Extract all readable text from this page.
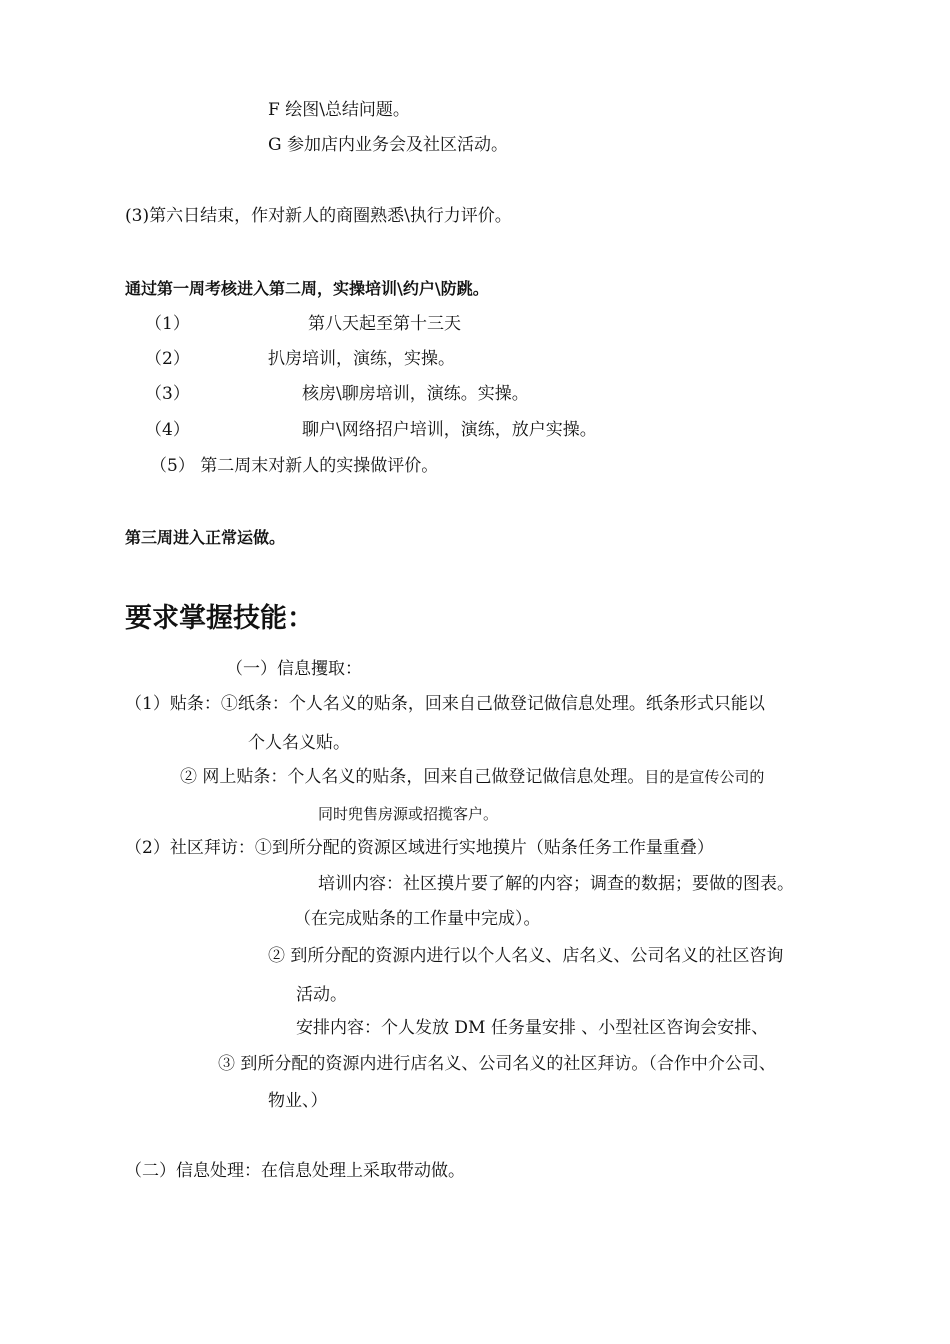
F 绘图\总结问题。
G 参加店内业务会及社区活动。
(3)第六日结束，作对新人的商圈熟悉\执行力评价。
通过第一周考核进入第二周，实操培训\约户\防跳。
（1）	第八天起至第十三天
（2）	扒房培训，演练，实操。
（3）	核房\聊房培训，演练。实操。
（4）	聊户\网络招户培训，演练，放户实操。
（5） 第二周末对新人的实操做评价。
第三周进入正常运做。
要求掌握技能：
（一）信息攫取：
（1）贴条：①纸条：个人名义的贴条，回来自己做登记做信息处理。纸条形式只能以
个人名义贴。
② 网上贴条：个人名义的贴条，回来自己做登记做信息处理。目的是宣传公司的
同时兜售房源或招揽客户。
（2）社区拜访：①到所分配的资源区域进行实地摸片（贴条任务工作量重叠）
培训内容：社区摸片要了解的内容；调查的数据；要做的图表。
（在完成贴条的工作量中完成）。
② 到所分配的资源内进行以个人名义、店名义、公司名义的社区咨询
活动。
安排内容：个人发放 DM 任务量安排 、小型社区咨询会安排、
③ 到所分配的资源内进行店名义、公司名义的社区拜访。（合作中介公司、
物业、）
（二）信息处理：在信息处理上采取带动做。
